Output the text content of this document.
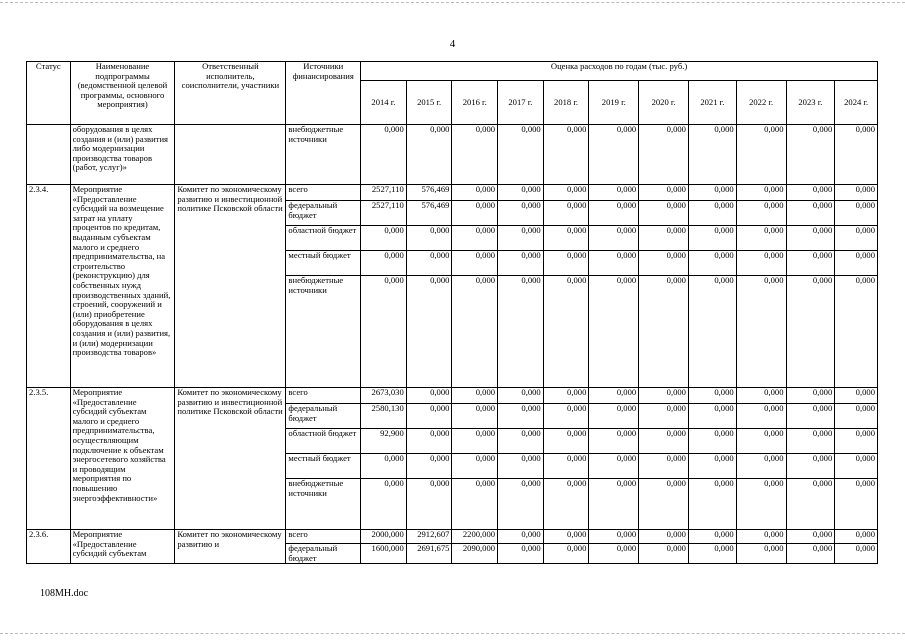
4
Статус	Наименование подпрограммы (ведомственной целевой программы, основного мероприятия)	Ответственный исполнитель, соисполнители, участники	Источники финансирования	Оценка расходов по годам (тыс. руб.)										
				2014 г.	2015 г.	2016 г.	2017 г.	2018 г.	2019 г.	2020 г.	2021 г.	2022 г.	2023 г.	2024 г.
	оборудования в целях создания и (или) развития либо модернизации производства товаров (работ, услуг)»		внебюджетные источники	0,000	0,000	0,000	0,000	0,000	0,000	0,000	0,000	0,000	0,000	0,000
2.3.4.	Мероприятие «Предоставление субсидий на возмещение затрат на уплату процентов по кредитам, выданным субъектам малого и среднего предпринимательства, на строительство (реконструкцию) для собственных нужд производственных зданий, строений, сооружений и (или) приобретение оборудования в целях создания и (или) развития, и (или) модернизации производства товаров»	Комитет по экономическому развитию и инвестиционной политике Псковской области	всего	2527,110	576,469	0,000	0,000	0,000	0,000	0,000	0,000	0,000	0,000	0,000
			федеральный бюджет	2527,110	576,469	0,000	0,000	0,000	0,000	0,000	0,000	0,000	0,000	0,000
			областной бюджет	0,000	0,000	0,000	0,000	0,000	0,000	0,000	0,000	0,000	0,000	0,000
			местный бюджет	0,000	0,000	0,000	0,000	0,000	0,000	0,000	0,000	0,000	0,000	0,000
			внебюджетные источники	0,000	0,000	0,000	0,000	0,000	0,000	0,000	0,000	0,000	0,000	0,000
2.3.5.	Мероприятие «Предоставление субсидий субъектам малого и среднего предпринимательства, осуществляющим подключение к объектам энергосетевого хозяйства и проводящим мероприятия по повышению энергоэффективности»	Комитет по экономическому развитию и инвестиционной политике Псковской области	всего	2673,030	0,000	0,000	0,000	0,000	0,000	0,000	0,000	0,000	0,000	0,000
			федеральный бюджет	2580,130	0,000	0,000	0,000	0,000	0,000	0,000	0,000	0,000	0,000	0,000
			областной бюджет	92,900	0,000	0,000	0,000	0,000	0,000	0,000	0,000	0,000	0,000	0,000
			местный бюджет	0,000	0,000	0,000	0,000	0,000	0,000	0,000	0,000	0,000	0,000	0,000
			внебюджетные источники	0,000	0,000	0,000	0,000	0,000	0,000	0,000	0,000	0,000	0,000	0,000
2.3.6.	Мероприятие «Предоставление субсидий субъектам	Комитет по экономическому развитию и	всего	2000,000	2912,607	2200,000	0,000	0,000	0,000	0,000	0,000	0,000	0,000	0,000
			федеральный бюджет	1600,000	2691,675	2090,000	0,000	0,000	0,000	0,000	0,000	0,000	0,000	0,000
108МН.doc
